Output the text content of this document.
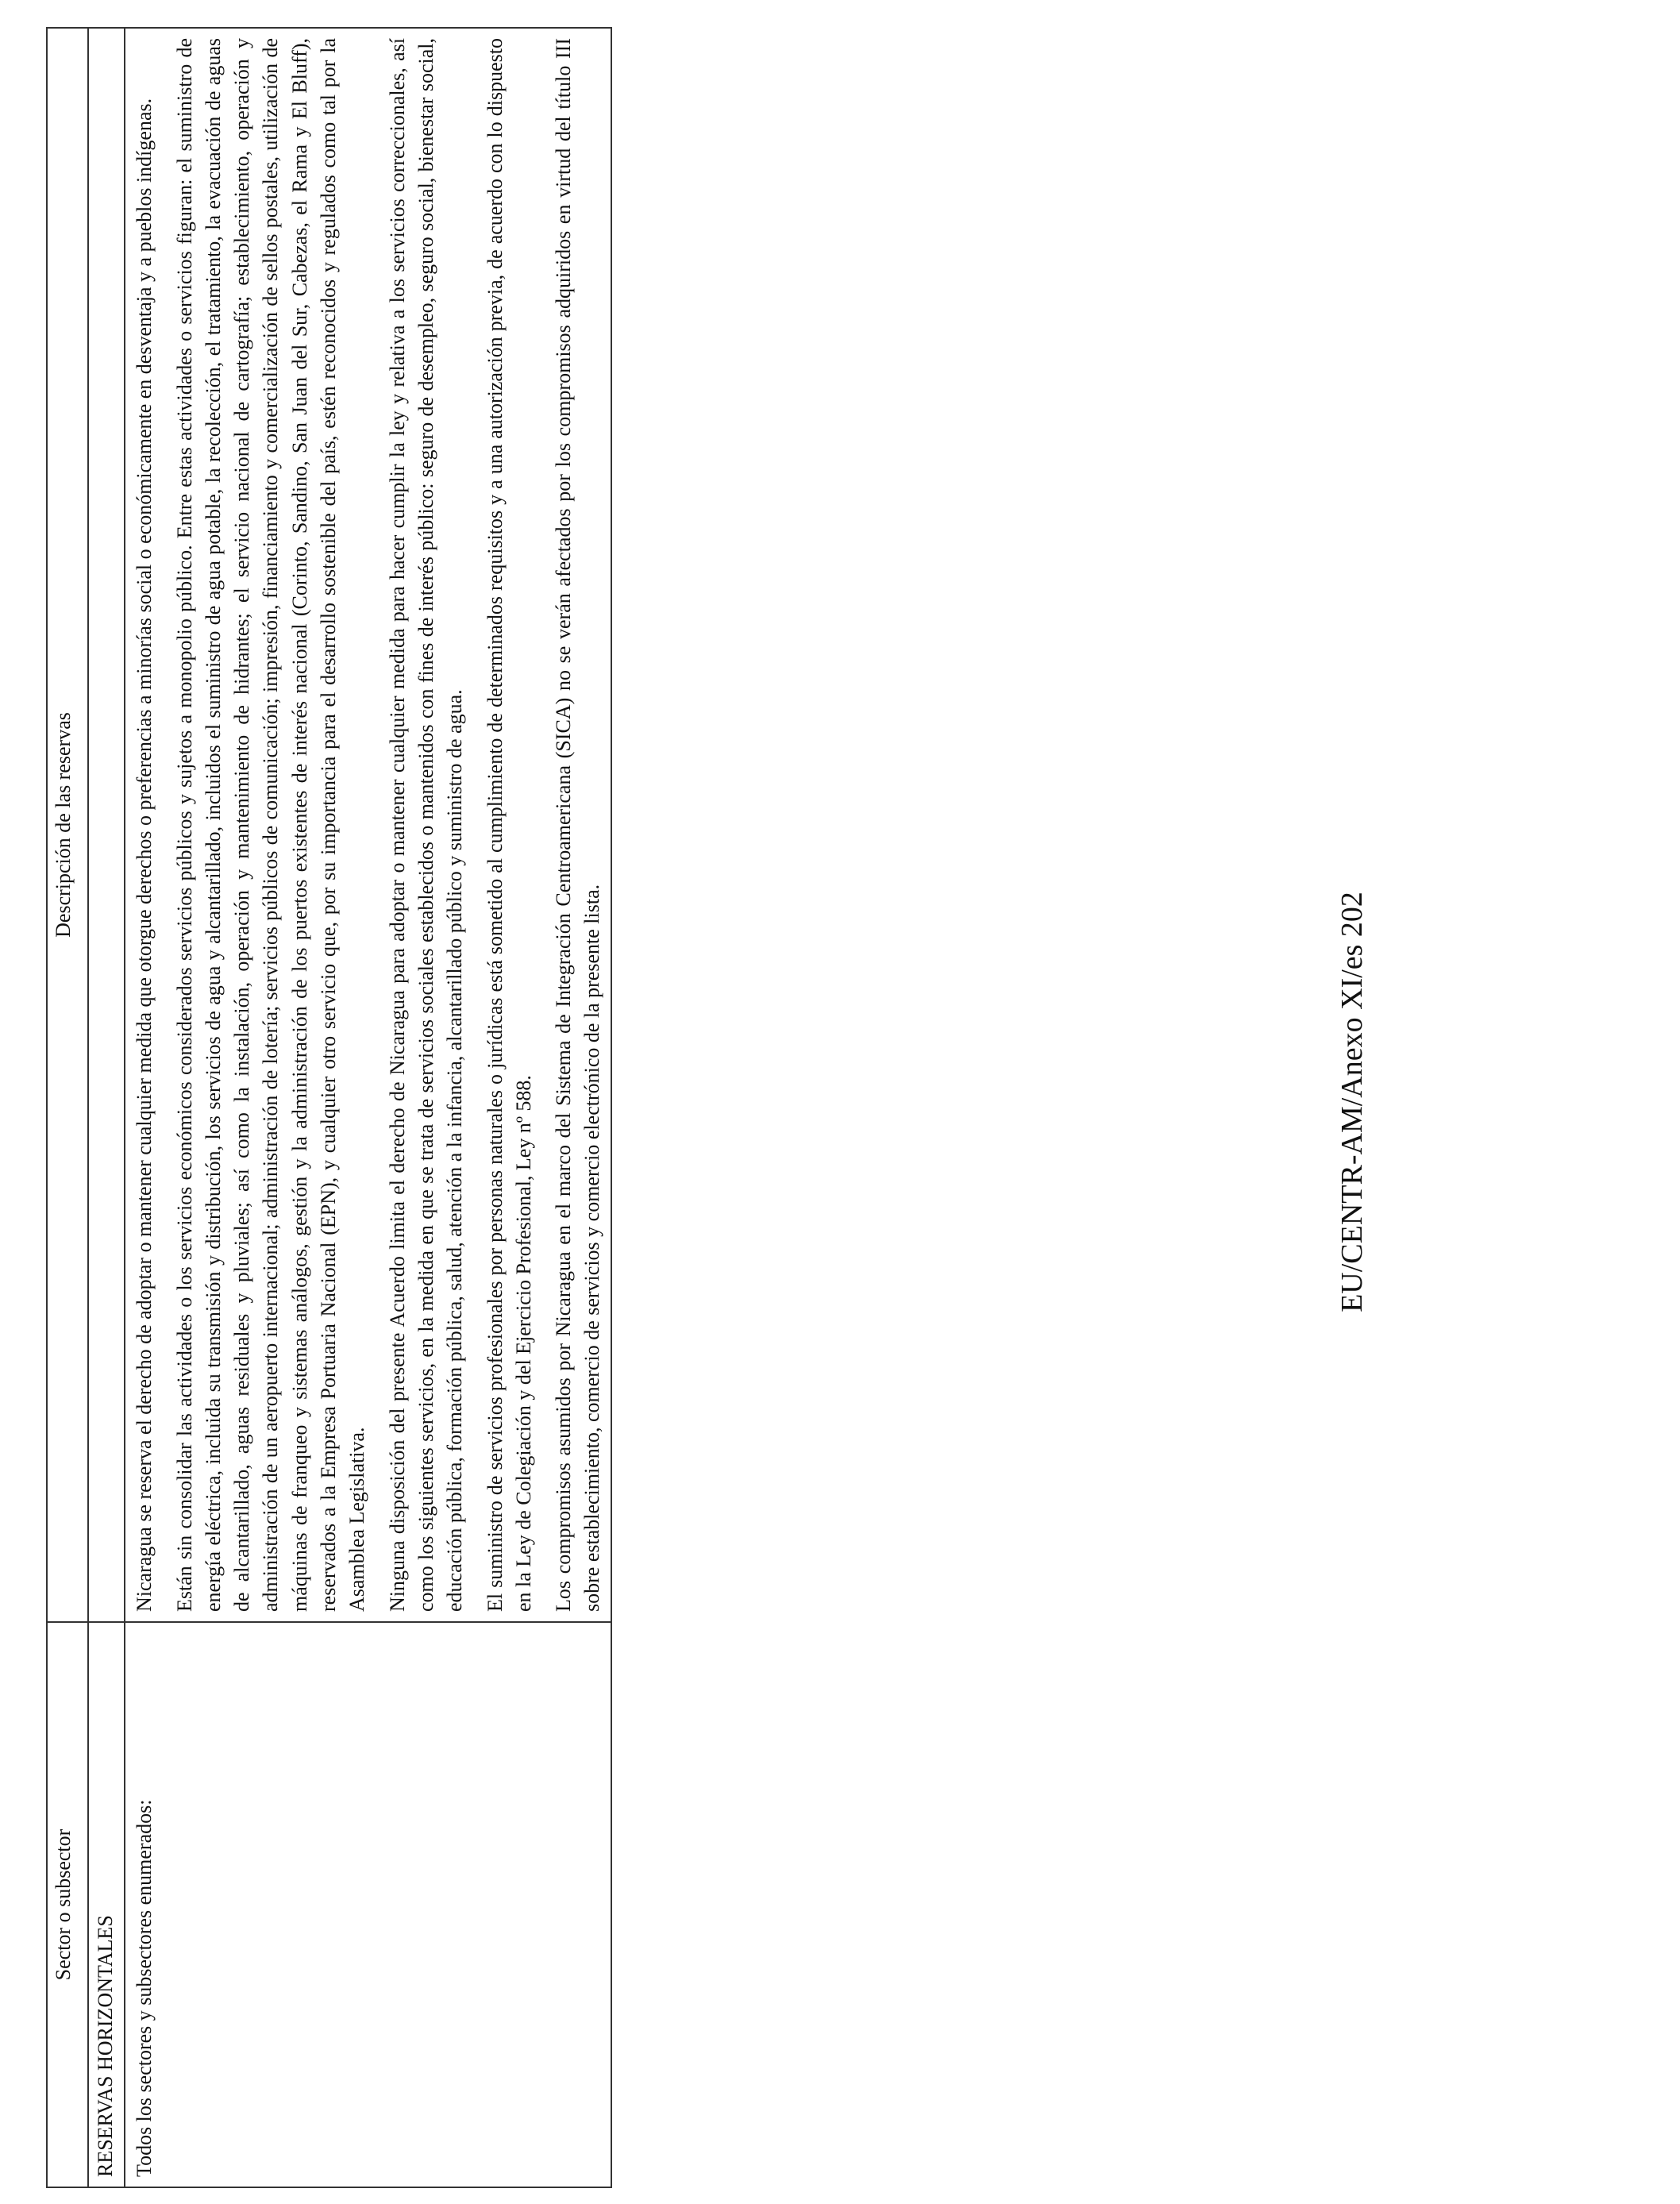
Sector o subsector	Descripción de las reservas
RESERVAS HORIZONTALES	
Todos los sectores y subsectores enumerados:	Nicaragua se reserva el derecho de adoptar o mantener cualquier medida que otorgue derechos o preferencias a minorías social o económicamente en desventaja y a pueblos indígenas. Están sin consolidar las actividades o los servicios económicos considerados servicios públicos y sujetos a monopolio público. Entre estas actividades o servicios figuran: el suministro de energía eléctrica, incluida su transmisión y distribución, los servicios de agua y alcantarillado, incluidos el suministro de agua potable, la recolección, el tratamiento, la evacuación de aguas de alcantarillado, aguas residuales y pluviales; así como la instalación, operación y mantenimiento de hidrantes; el servicio nacional de cartografía; establecimiento, operación y administración de un aeropuerto internacional; administración de lotería; servicios públicos de comunicación; impresión, financiamiento y comercialización de sellos postales, utilización de máquinas de franqueo y sistemas análogos, gestión y la administración de los puertos existentes de interés nacional (Corinto, Sandino, San Juan del Sur, Cabezas, el Rama y El Bluff), reservados a la Empresa Portuaria Nacional (EPN), y cualquier otro servicio que, por su importancia para el desarrollo sostenible del país, estén reconocidos y regulados como tal por la Asamblea Legislativa. Ninguna disposición del presente Acuerdo limita el derecho de Nicaragua para adoptar o mantener cualquier medida para hacer cumplir la ley y relativa a los servicios correccionales, así como los siguientes servicios, en la medida en que se trata de servicios sociales establecidos o mantenidos con fines de interés público: seguro de desempleo, seguro social, bienestar social, educación pública, formación pública, salud, atención a la infancia, alcantarillado público y suministro de agua. El suministro de servicios profesionales por personas naturales o jurídicas está sometido al cumplimiento de determinados requisitos y a una autorización previa, de acuerdo con lo dispuesto en la Ley de Colegiación y del Ejercicio Profesional, Ley nº 588. Los compromisos asumidos por Nicaragua en el marco del Sistema de Integración Centroamericana (SICA) no se verán afectados por los compromisos adquiridos en virtud del título III sobre establecimiento, comercio de servicios y comercio electrónico de la presente lista.	EU/CENTR-AM/Anexo XI/es 202
